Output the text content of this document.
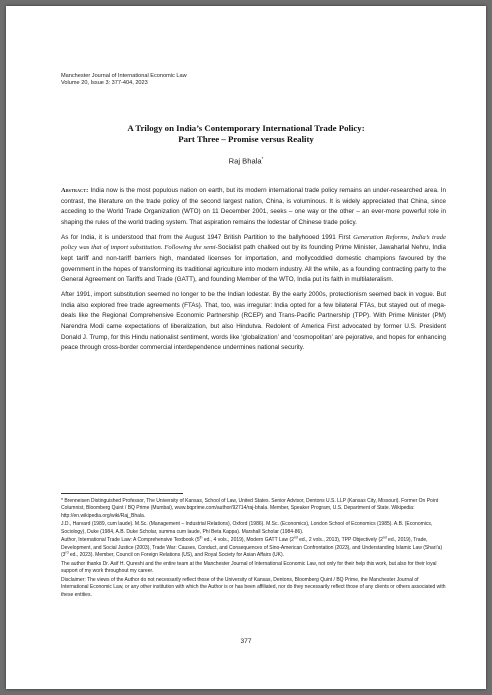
Manchester Journal of International Economic Law
Volume 20, Issue 3: 377-404, 2023
A Trilogy on India’s Contemporary International Trade Policy:
Part Three – Promise versus Reality
Raj Bhala*

Abstract: India now is the most populous nation on earth, but its modern international trade policy remains an under-researched area. In contrast, the literature on the trade policy of the second largest nation, China, is voluminous. It is widely appreciated that China, since acceding to the World Trade Organization (WTO) on 11 December 2001, seeks – one way or the other – an ever-more powerful role in shaping the rules of the world trading system. That aspiration remains the lodestar of Chinese trade policy.

As for India, it is understood that from the August 1947 British Partition to the ballyhooed 1991 First Generation Reforms, India’s trade policy was that of import substitution. Following the semi-Socialist path chalked out by its founding Prime Minister, Jawaharlal Nehru, India kept tariff and non-tariff barriers high, mandated licenses for importation, and mollycoddled domestic champions favoured by the government in the hopes of transforming its traditional agriculture into modern industry. All the while, as a founding contracting party to the General Agreement on Tariffs and Trade (GATT), and founding Member of the WTO, India put its faith in multilateralism.

After 1991, import substitution seemed no longer to be the Indian lodestar. By the early 2000s, protectionism seemed back in vogue. But India also explored free trade agreements (FTAs). That, too, was irregular: India opted for a few bilateral FTAs, but stayed out of mega-deals like the Regional Comprehensive Economic Partnership (RCEP) and Trans-Pacific Partnership (TPP). With Prime Minister (PM) Narendra Modi came expectations of liberalization, but also Hindutva. Redolent of America First advocated by former U.S. President Donald J. Trump, for this Hindu nationalist sentiment, words like ‘globalization’ and ‘cosmopolitan’ are pejorative, and hopes for enhancing peace through cross-border commercial interdependence undermines national security.

* Brenneisen Distinguished Professor, The University of Kansas, School of Law, United States. Senior Advisor, Dentons U.S. LLP (Kansas City, Missouri). Former On Point Columnist, Bloomberg Quint / BQ Prime (Mumbai), www.bqprime.com/author/92714/raj-bhala. Member, Speaker Program, U.S. Department of State. Wikipedia: http://en.wikipedia.org/wiki/Raj_Bhala.

J.D., Harvard (1989, cum laude). M.Sc. (Management – Industrial Relations), Oxford (1986). M.Sc. (Economics), London School of Economics (1985). A.B. (Economics, Sociology), Duke (1984, A.B. Duke Scholar, summa cum laude, Phi Beta Kappa). Marshall Scholar (1984-86).

Author, International Trade Law: A Comprehensive Textbook (5th ed., 4 vols., 2019), Modern GATT Law (2nd ed., 2 vols., 2013), TPP Objectively (2nd ed., 2019), Trade, Development, and Social Justice (2003), Trade War: Causes, Conduct, and Consequences of Sino-American Confrontation (2023), and Understanding Islamic Law (Shari‘a) (3rd ed., 2023). Member, Council on Foreign Relations (US), and Royal Society for Asian Affairs (UK).

The author thanks Dr. Asif H. Qureshi and the entire team at the Manchester Journal of International Economic Law, not only for their help this work, but also for their loyal support of my work throughout my career.

Disclaimer: The views of the Author do not necessarily reflect those of the University of Kansas, Dentons, Bloomberg Quint / BQ Prime, the Manchester Journal of International Economic Law, or any other institution with which the Author is or has been affiliated, nor do they necessarily reflect those of any clients or others associated with these entities.

377
